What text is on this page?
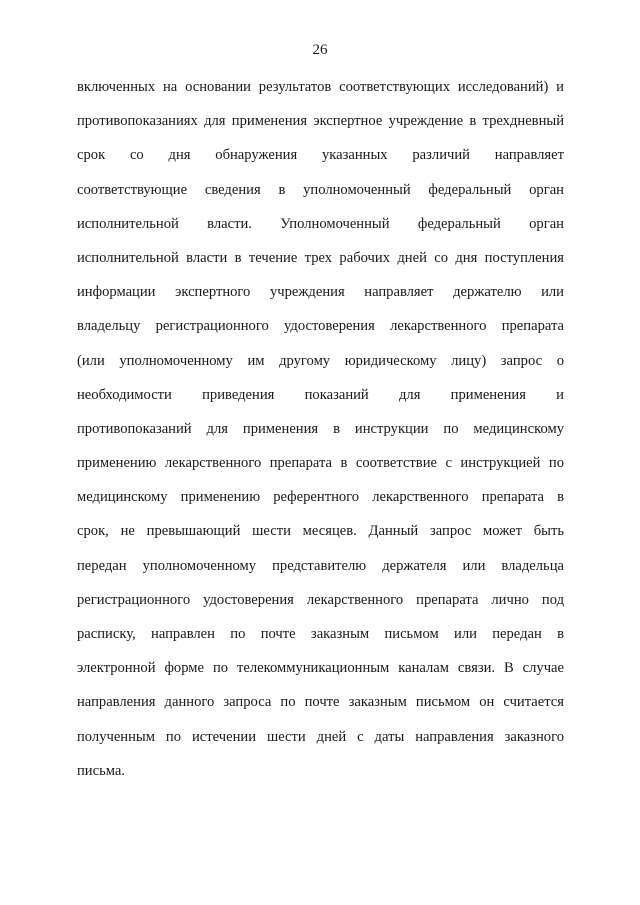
26
включенных на основании результатов соответствующих исследований) и
противопоказаниях для применения экспертное учреждение в трехдневный
срок со дня обнаружения указанных различий направляет
соответствующие сведения в уполномоченный федеральный орган
исполнительной власти. Уполномоченный федеральный орган
исполнительной власти в течение трех рабочих дней со дня поступления
информации экспертного учреждения направляет держателю или
владельцу регистрационного удостоверения лекарственного препарата
(или уполномоченному им другому юридическому лицу) запрос о
необходимости приведения показаний для применения и
противопоказаний для применения в инструкции по медицинскому
применению лекарственного препарата в соответствие с инструкцией по
медицинскому применению референтного лекарственного препарата в
срок, не превышающий шести месяцев. Данный запрос может быть
передан уполномоченному представителю держателя или владельца
регистрационного удостоверения лекарственного препарата лично под
расписку, направлен по почте заказным письмом или передан в
электронной форме по телекоммуникационным каналам связи. В случае
направления данного запроса по почте заказным письмом он считается
полученным по истечении шести дней с даты направления заказного
письма.
